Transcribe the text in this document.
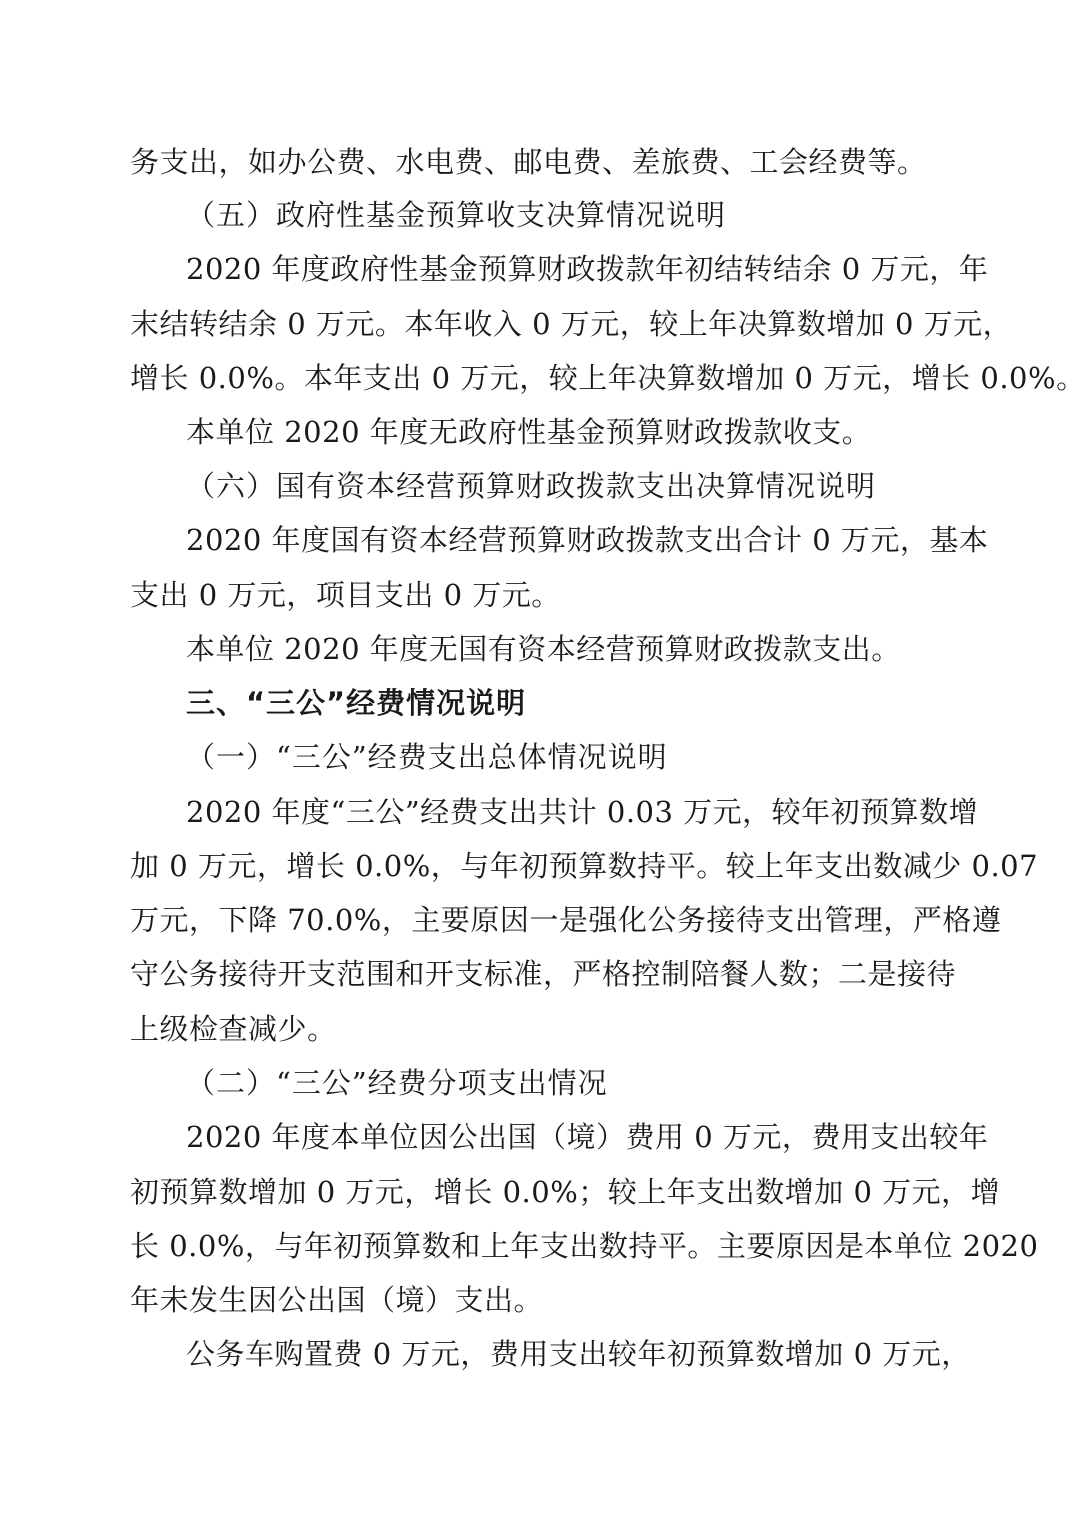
务支出，如办公费、水电费、邮电费、差旅费、工会经费等。
（五）政府性基金预算收支决算情况说明
2020 年度政府性基金预算财政拨款年初结转结余 0 万元，年
末结转结余 0 万元。本年收入 0 万元，较上年决算数增加 0 万元，
增长 0.0%。本年支出 0 万元，较上年决算数增加 0 万元，增长 0.0%。
本单位 2020 年度无政府性基金预算财政拨款收支。
（六）国有资本经营预算财政拨款支出决算情况说明
2020 年度国有资本经营预算财政拨款支出合计 0 万元，基本
支出 0 万元，项目支出 0 万元。
本单位 2020 年度无国有资本经营预算财政拨款支出。
三、“三公”经费情况说明
（一）“三公”经费支出总体情况说明
2020 年度“三公”经费支出共计 0.03 万元，较年初预算数增
加 0 万元，增长 0.0%，与年初预算数持平。较上年支出数减少 0.07
万元，下降 70.0%，主要原因一是强化公务接待支出管理，严格遵
守公务接待开支范围和开支标准，严格控制陪餐人数；二是接待
上级检查减少。
（二）“三公”经费分项支出情况
2020 年度本单位因公出国（境）费用 0 万元，费用支出较年
初预算数增加 0 万元，增长 0.0%；较上年支出数增加 0 万元，增
长 0.0%，与年初预算数和上年支出数持平。主要原因是本单位 2020
年未发生因公出国（境）支出。
公务车购置费 0 万元，费用支出较年初预算数增加 0 万元，
